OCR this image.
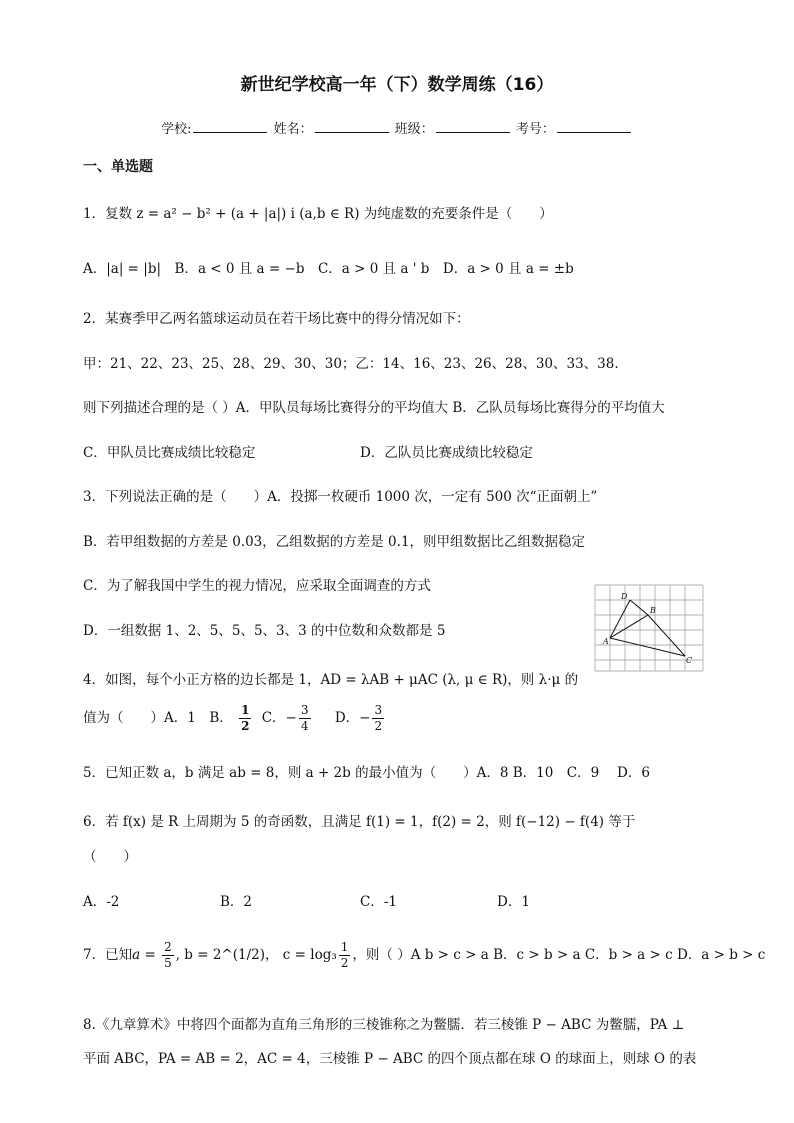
新世纪学校高一年（下）数学周练（16）
学校:	姓名：	班级：	考号：
一、单选题
1．复数 z = a² − b² + (a + |a|) i (a,b ∈ R) 为纯虚数的充要条件是（　　）
A．|a| = |b|　B．a < 0 且 a = −b　C．a > 0 且 a ' b　D．a > 0 且 a = ±b
2．某赛季甲乙两名篮球运动员在若干场比赛中的得分情况如下：
甲：21、22、23、25、28、29、30、30；乙：14、16、23、26、28、30、33、38.
则下列描述合理的是（ ）A．甲队员每场比赛得分的平均值大 B．乙队员每场比赛得分的平均值大
C．甲队员比赛成绩比较稳定	D．乙队员比赛成绩比较稳定
3．下列说法正确的是（　　）A．投掷一枚硬币 1000 次，一定有 500 次“正面朝上”
B．若甲组数据的方差是 0.03，乙组数据的方差是 0.1，则甲组数据比乙组数据稳定
C．为了解我国中学生的视力情况，应采取全面调查的方式
D．一组数据 1、2、5、5、5、3、3 的中位数和众数都是 5
D
B
A
C
4．如图，每个小正方格的边长都是 1，AD = λAB + μAC (λ, μ ∈ R)，则 λ·μ 的
值为（　　）A．1　B． $\frac{1}{2}$ C．− $\frac{3}{4}$ D．− $\frac{3}{2}$
5．已知正数 a，b 满足 ab = 8，则 a + 2b 的最小值为（　　）A．8 B．10　C．9　 D．6
6．若 f(x) 是 R 上周期为 5 的奇函数，且满足 f(1) = 1，f(2) = 2，则 f(−12) − f(4) 等于
（　　）
A．-2	B．2	C．-1	D．1
7．已知$a = \frac{2}{5}$ , b = 2^(1/2)， $c = \log_3 \frac{1}{2}$ ，则（ ）A b > c > a B．c > b > a C．b > a > c D．a > b > c
8.《九章算术》中将四个面都为直角三角形的三棱锥称之为鳖臑．若三棱锥 P − ABC 为鳖臑，PA ⊥
平面 ABC，PA = AB = 2，AC = 4，三棱锥 P − ABC 的四个顶点都在球 O 的球面上，则球 O 的表
